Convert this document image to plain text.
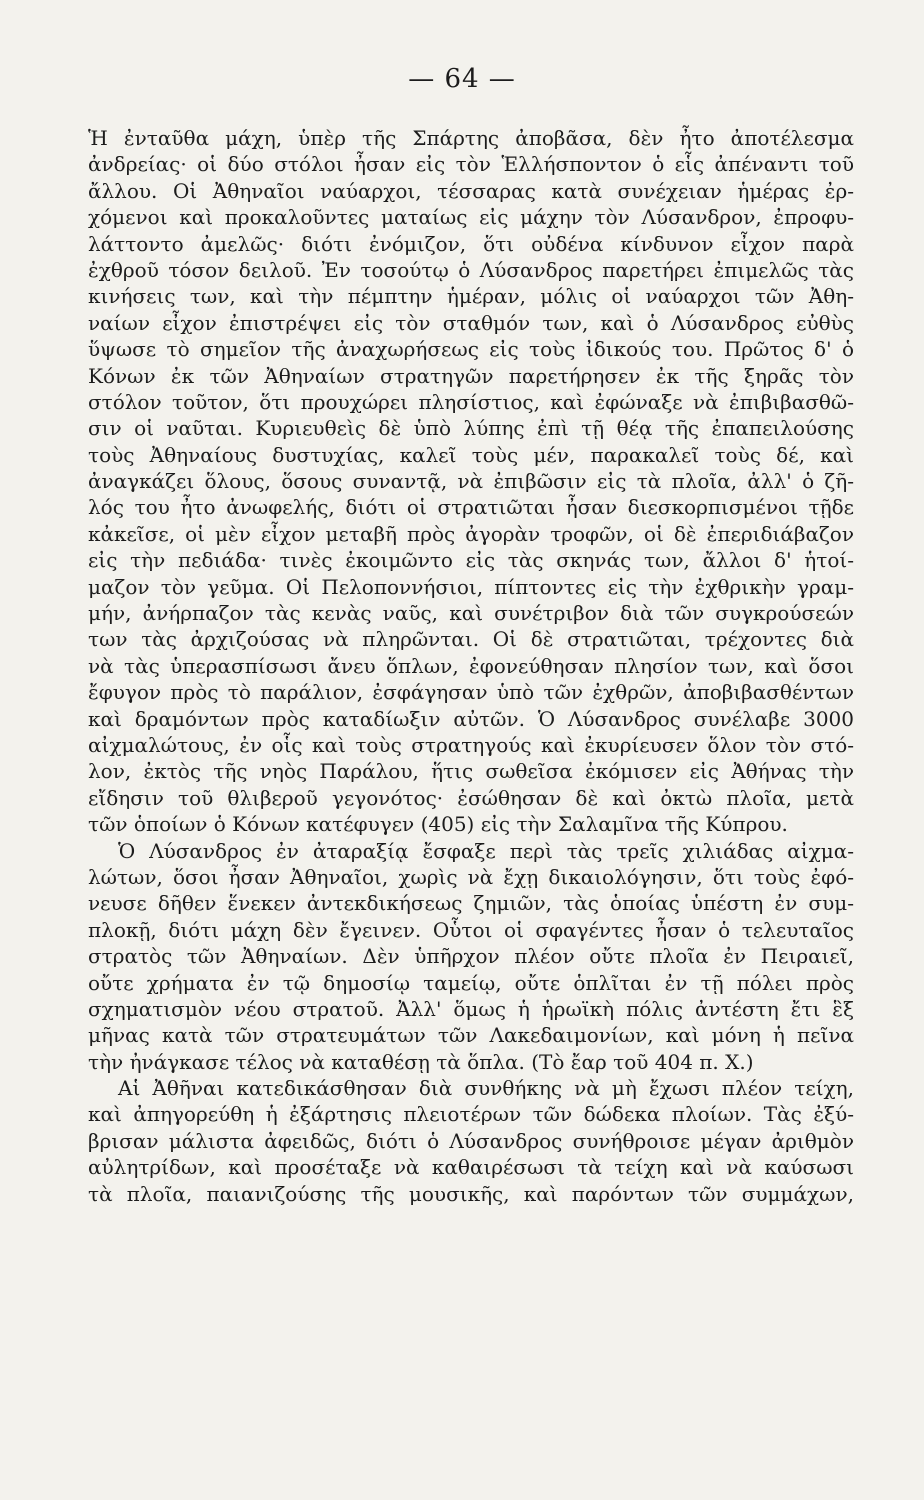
— 64 —
Ἡ ἐνταῦθα μάχη, ὑπὲρ τῆς Σπάρτης ἀποβᾶσα, δὲν ἦτο ἀποτέλεσμα
ἀνδρείας· οἱ δύο στόλοι ἦσαν εἰς τὸν Ἑλλήσποντον ὁ εἷς ἀπέναντι τοῦ
ἄλλου. Οἱ Ἀθηναῖοι ναύαρχοι, τέσσαρας κατὰ συνέχειαν ἡμέρας ἐρ-
χόμενοι καὶ προκαλοῦντες ματαίως εἰς μάχην τὸν Λύσανδρον, ἐπροφυ-
λάττοντο ἀμελῶς· διότι ἐνόμιζον, ὅτι οὐδένα κίνδυνον εἶχον παρὰ
ἐχθροῦ τόσον δειλοῦ. Ἐν τοσούτῳ ὁ Λύσανδρος παρετήρει ἐπιμελῶς τὰς
κινήσεις των, καὶ τὴν πέμπτην ἡμέραν, μόλις οἱ ναύαρχοι τῶν Ἀθη-
ναίων εἶχον ἐπιστρέψει εἰς τὸν σταθμόν των, καὶ ὁ Λύσανδρος εὐθὺς
ὕψωσε τὸ σημεῖον τῆς ἀναχωρήσεως εἰς τοὺς ἰδικούς του. Πρῶτος δ' ὁ
Κόνων ἐκ τῶν Ἀθηναίων στρατηγῶν παρετήρησεν ἐκ τῆς ξηρᾶς τὸν
στόλον τοῦτον, ὅτι προυχώρει πλησίστιος, καὶ ἐφώναξε νὰ ἐπιβιβασθῶ-
σιν οἱ ναῦται. Κυριευθεὶς δὲ ὑπὸ λύπης ἐπὶ τῇ θέᾳ τῆς ἐπαπειλούσης
τοὺς Ἀθηναίους δυστυχίας, καλεῖ τοὺς μέν, παρακαλεῖ τοὺς δέ, καὶ
ἀναγκάζει ὅλους, ὅσους συναντᾷ, νὰ ἐπιβῶσιν εἰς τὰ πλοῖα, ἀλλ' ὁ ζῆ-
λός του ἦτο ἀνωφελής, διότι οἱ στρατιῶται ἦσαν διεσκορπισμένοι τῇδε
κἀκεῖσε, οἱ μὲν εἶχον μεταβῆ πρὸς ἀγορὰν τροφῶν, οἱ δὲ ἐπεριδιάβαζον
εἰς τὴν πεδιάδα· τινὲς ἐκοιμῶντο εἰς τὰς σκηνάς των, ἄλλοι δ' ἡτοί-
μαζον τὸν γεῦμα. Οἱ Πελοποννήσιοι, πίπτοντες εἰς τὴν ἐχθρικὴν γραμ-
μήν, ἀνήρπαζον τὰς κενὰς ναῦς, καὶ συνέτριβον διὰ τῶν συγκρούσεών
των τὰς ἀρχιζούσας νὰ πληρῶνται. Οἱ δὲ στρατιῶται, τρέχοντες διὰ
νὰ τὰς ὑπερασπίσωσι ἄνευ ὅπλων, ἐφονεύθησαν πλησίον των, καὶ ὅσοι
ἔφυγον πρὸς τὸ παράλιον, ἐσφάγησαν ὑπὸ τῶν ἐχθρῶν, ἀποβιβασθέντων
καὶ δραμόντων πρὸς καταδίωξιν αὐτῶν. Ὁ Λύσανδρος συνέλαβε 3000
αἰχμαλώτους, ἐν οἷς καὶ τοὺς στρατηγούς καὶ ἐκυρίευσεν ὅλον τὸν στό-
λον, ἐκτὸς τῆς νηὸς Παράλου, ἥτις σωθεῖσα ἐκόμισεν εἰς Ἀθήνας τὴν
εἴδησιν τοῦ θλιβεροῦ γεγονότος· ἐσώθησαν δὲ καὶ ὀκτὼ πλοῖα, μετὰ
τῶν ὁποίων ὁ Κόνων κατέφυγεν (405) εἰς τὴν Σαλαμῖνα τῆς Κύπρου.
Ὁ Λύσανδρος ἐν ἀταραξίᾳ ἔσφαξε περὶ τὰς τρεῖς χιλιάδας αἰχμα-
λώτων, ὅσοι ἦσαν Ἀθηναῖοι, χωρὶς νὰ ἔχῃ δικαιολόγησιν, ὅτι τοὺς ἐφό-
νευσε δῆθεν ἕνεκεν ἀντεκδικήσεως ζημιῶν, τὰς ὁποίας ὑπέστη ἐν συμ-
πλοκῇ, διότι μάχη δὲν ἔγεινεν. Οὗτοι οἱ σφαγέντες ἦσαν ὁ τελευταῖος
στρατὸς τῶν Ἀθηναίων. Δὲν ὑπῆρχον πλέον οὔτε πλοῖα ἐν Πειραιεῖ,
οὔτε χρήματα ἐν τῷ δημοσίῳ ταμείῳ, οὔτε ὁπλῖται ἐν τῇ πόλει πρὸς
σχηματισμὸν νέου στρατοῦ. Ἀλλ' ὅμως ἡ ἡρωϊκὴ πόλις ἀντέστη ἔτι ἓξ
μῆνας κατὰ τῶν στρατευμάτων τῶν Λακεδαιμονίων, καὶ μόνη ἡ πεῖνα
τὴν ἠνάγκασε τέλος νὰ καταθέσῃ τὰ ὅπλα. (Τὸ ἔαρ τοῦ 404 π. Χ.)
Αἱ Ἀθῆναι κατεδικάσθησαν διὰ συνθήκης νὰ μὴ ἔχωσι πλέον τείχη,
καὶ ἀπηγορεύθη ἡ ἐξάρτησις πλειοτέρων τῶν δώδεκα πλοίων. Τὰς ἐξύ-
βρισαν μάλιστα ἀφειδῶς, διότι ὁ Λύσανδρος συνήθροισε μέγαν ἀριθμὸν
αὐλητρίδων, καὶ προσέταξε νὰ καθαιρέσωσι τὰ τείχη καὶ νὰ καύσωσι
τὰ πλοῖα, παιανιζούσης τῆς μουσικῆς, καὶ παρόντων τῶν συμμάχων,
